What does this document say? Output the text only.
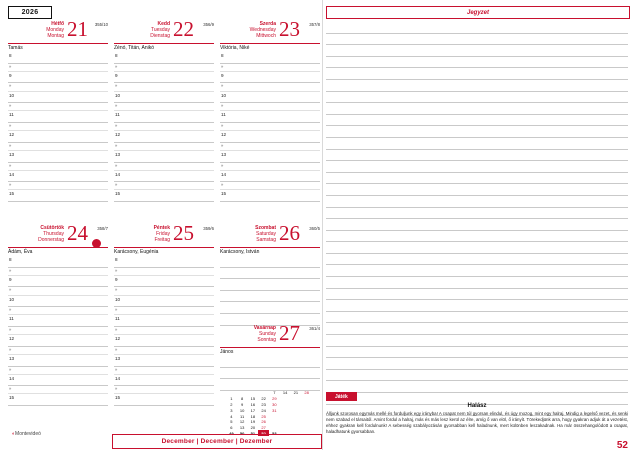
2026
Hétfő
Monday
Montag 21 355/10
Tamás
8
»
9
»
10
»
11
»
12
»
13
»
14
»
15
Kedd
Tuesday
Dienstag 22 356/9
Zénó, Titán, Anikó
8
»
9
»
10
»
11
»
12
»
13
»
14
»
15
Szerda
Wednesday
Mittwoch 23 357/8
Viktória, Niké
8
»
9
»
10
»
11
»
12
»
13
»
14
»
15
Csütörtök
Thursday
Donnerstag 24 358/7
Ádám, Éva
8
»
9
»
10
»
11
»
12
»
13
»
14
»
15
Péntek
Friday
Freitag 25 359/6
Karácsony, Eugénia
8
»
9
»
10
»
11
»
12
»
13
»
14
»
15
Szombat
Saturday
Samstag 26 360/5
Karácsony, István
Vasárnap
Sunday
Sonntag 27 361/4
János
				7	14	21	28
1	8	15	22	29			
2	9	16	23	30			
3	10	17	24	31			
4	11	18	25				
5	12	19	26				
6	13	20	27				
49	50	51	52	53			
◐Montevideó
December | December | Dezember
Jegyzet
Játék
Halász
Álljunk szorosan egymás mellé és forduljunk egy irányba! A csapat nem túl gyorsan elindul, és úgy mozog, mint egy halraj. Mindig a legelső vezet, és senki nem szabad el társaitól. Amint fordul a halraj, más és más lesz kerül az élre, amíg ő van elöl, ő irányít. Törekedjünk arra, hogy gyakran adjuk át a vezetést, ehhez gyakran kell fordulnunk! A sebesség szabályozásán gyorsabban kell haladnunk, mert különben leszakadnak. Ha már összehangolódott a csapat, haladhatunk gyorsabban.
52
